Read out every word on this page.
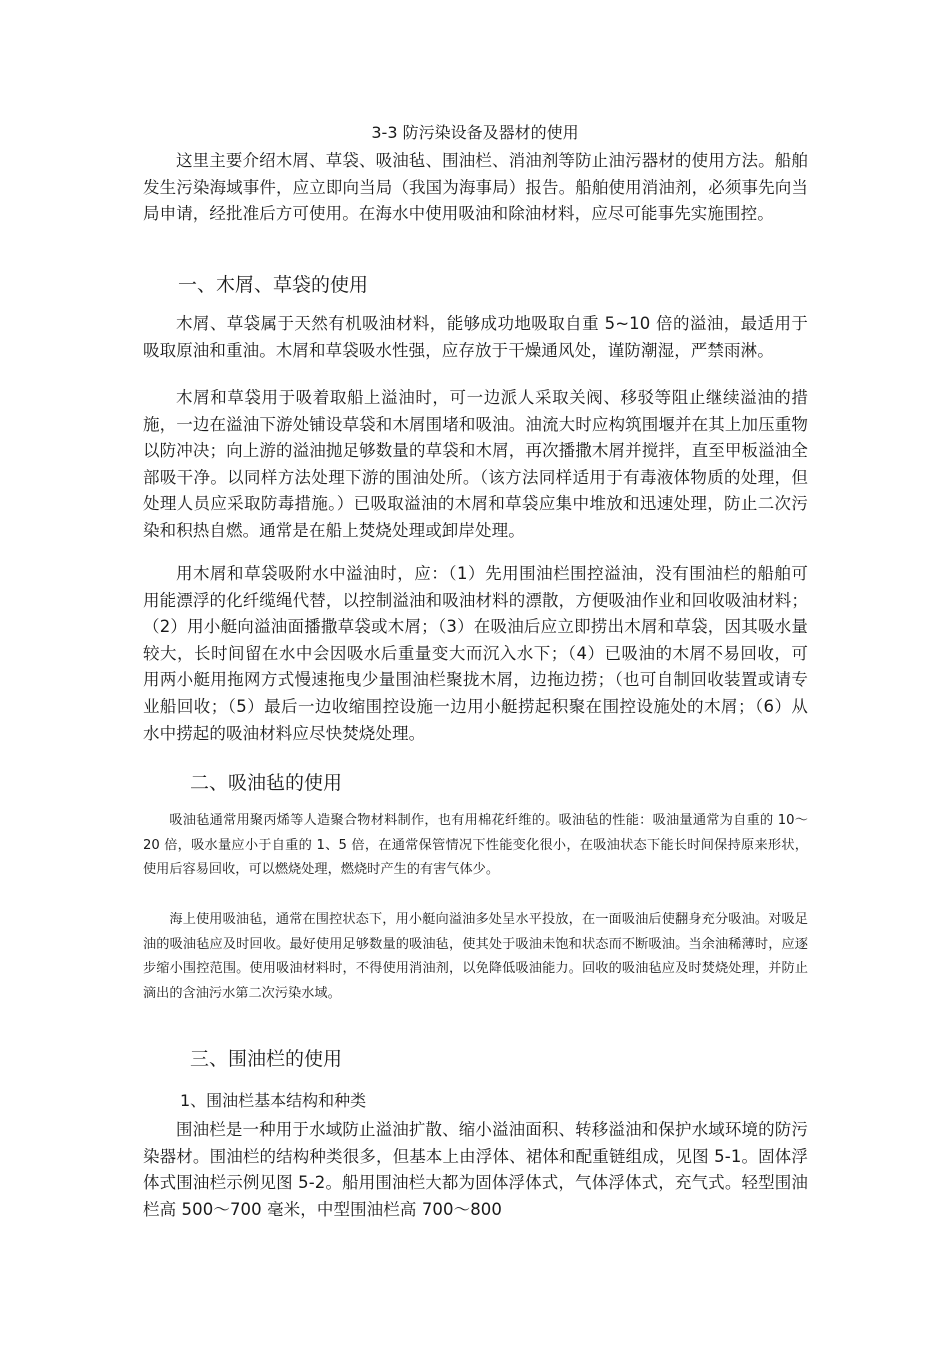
3-3 防污染设备及器材的使用

这里主要介绍木屑、草袋、吸油毡、围油栏、消油剂等防止油污器材的使用方法。船舶发生污染海域事件，应立即向当局（我国为海事局）报告。船舶使用消油剂，必须事先向当局申请，经批准后方可使用。在海水中使用吸油和除油材料，应尽可能事先实施围控。

一、木屑、草袋的使用

木屑、草袋属于天然有机吸油材料，能够成功地吸取自重 5~10 倍的溢油，最适用于吸取原油和重油。木屑和草袋吸水性强，应存放于干燥通风处，谨防潮湿，严禁雨淋。

木屑和草袋用于吸着取船上溢油时，可一边派人采取关阀、移驳等阻止继续溢油的措施，一边在溢油下游处铺设草袋和木屑围堵和吸油。油流大时应构筑围堰并在其上加压重物以防冲决；向上游的溢油抛足够数量的草袋和木屑，再次播撒木屑并搅拌，直至甲板溢油全部吸干净。以同样方法处理下游的围油处所。（该方法同样适用于有毒液体物质的处理，但处理人员应采取防毒措施。）已吸取溢油的木屑和草袋应集中堆放和迅速处理，防止二次污染和积热自燃。通常是在船上焚烧处理或卸岸处理。

用木屑和草袋吸附水中溢油时，应：（1）先用围油栏围控溢油，没有围油栏的船舶可用能漂浮的化纤缆绳代替，以控制溢油和吸油材料的漂散，方便吸油作业和回收吸油材料；（2）用小艇向溢油面播撒草袋或木屑；（3）在吸油后应立即捞出木屑和草袋，因其吸水量较大，长时间留在水中会因吸水后重量变大而沉入水下；（4）已吸油的木屑不易回收，可用两小艇用拖网方式慢速拖曳少量围油栏聚拢木屑，边拖边捞；（也可自制回收装置或请专业船回收；（5）最后一边收缩围控设施一边用小艇捞起积聚在围控设施处的木屑；（6）从水中捞起的吸油材料应尽快焚烧处理。

二、吸油毡的使用

吸油毡通常用聚丙烯等人造聚合物材料制作，也有用棉花纤维的。吸油毡的性能：吸油量通常为自重的 10～20 倍，吸水量应小于自重的 1、5 倍，在通常保管情况下性能变化很小，在吸油状态下能长时间保持原来形状，使用后容易回收，可以燃烧处理，燃烧时产生的有害气体少。

海上使用吸油毡，通常在围控状态下，用小艇向溢油多处呈水平投放，在一面吸油后使翻身充分吸油。对吸足油的吸油毡应及时回收。最好使用足够数量的吸油毡，使其处于吸油未饱和状态而不断吸油。当余油稀薄时，应逐步缩小围控范围。使用吸油材料时，不得使用消油剂，以免降低吸油能力。回收的吸油毡应及时焚烧处理，并防止滴出的含油污水第二次污染水域。

三、围油栏的使用
1、围油栏基本结构和种类

围油栏是一种用于水域防止溢油扩散、缩小溢油面积、转移溢油和保护水域环境的防污染器材。围油栏的结构种类很多，但基本上由浮体、裙体和配重链组成，见图 5-1。固体浮体式围油栏示例见图 5-2。船用围油栏大都为固体浮体式，气体浮体式，充气式。轻型围油栏高 500～700 毫米，中型围油栏高 700～800
